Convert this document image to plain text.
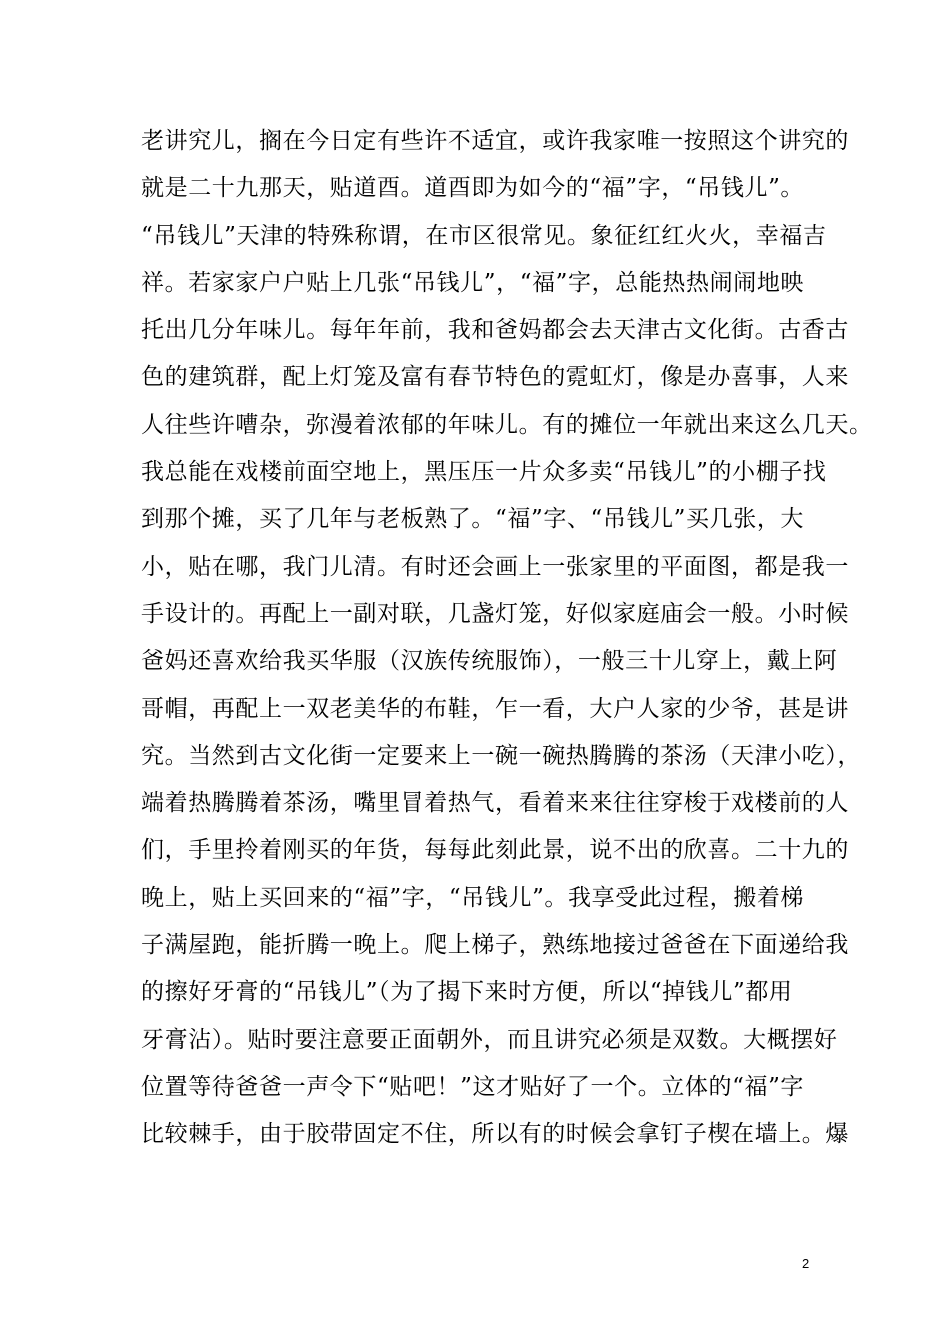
老讲究儿，搁在今日定有些许不适宜，或许我家唯一按照这个讲究的
就是二十九那天，贴道酉。道酉即为如今的“福”字，“吊钱儿”。
“吊钱儿”天津的特殊称谓，在市区很常见。象征红红火火，幸福吉
祥。若家家户户贴上几张“吊钱儿”，“福”字，总能热热闹闹地映
托出几分年味儿。每年年前，我和爸妈都会去天津古文化街。古香古
色的建筑群，配上灯笼及富有春节特色的霓虹灯，像是办喜事，人来
人往些许嘈杂，弥漫着浓郁的年味儿。有的摊位一年就出来这么几天。
我总能在戏楼前面空地上，黑压压一片众多卖“吊钱儿”的小棚子找
到那个摊，买了几年与老板熟了。“福”字、“吊钱儿”买几张，大
小，贴在哪，我门儿清。有时还会画上一张家里的平面图，都是我一
手设计的。再配上一副对联，几盏灯笼，好似家庭庙会一般。小时候
爸妈还喜欢给我买华服（汉族传统服饰），一般三十儿穿上，戴上阿
哥帽，再配上一双老美华的布鞋，乍一看，大户人家的少爷，甚是讲
究。当然到古文化街一定要来上一碗一碗热腾腾的茶汤（天津小吃），
端着热腾腾着茶汤，嘴里冒着热气，看着来来往往穿梭于戏楼前的人
们，手里拎着刚买的年货，每每此刻此景，说不出的欣喜。二十九的
晚上，贴上买回来的“福”字，“吊钱儿”。我享受此过程，搬着梯
子满屋跑，能折腾一晚上。爬上梯子，熟练地接过爸爸在下面递给我
的擦好牙膏的“吊钱儿”（为了揭下来时方便，所以“掉钱儿”都用
牙膏沾）。贴时要注意要正面朝外，而且讲究必须是双数。大概摆好
位置等待爸爸一声令下“贴吧！”这才贴好了一个。立体的“福”字
比较棘手，由于胶带固定不住，所以有的时候会拿钉子楔在墙上。爆
2
